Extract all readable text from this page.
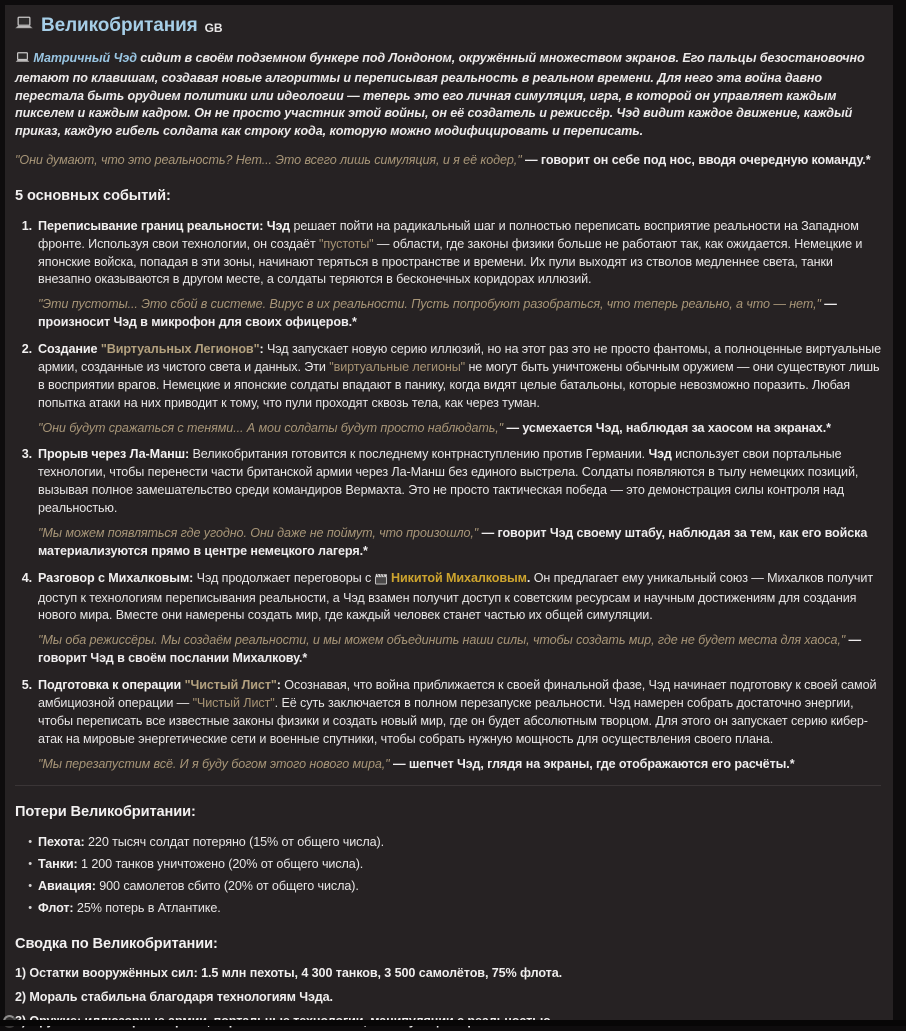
Великобритания GB

Матричный Чэд сидит в своём подземном бункере под Лондоном, окружённый множеством экранов. Его пальцы безостановочно летают по клавишам, создавая новые алгоритмы и переписывая реальность в реальном времени. Для него эта война давно перестала быть орудием политики или идеологии — теперь это его личная симуляция, игра, в которой он управляет каждым пикселем и каждым кадром. Он не просто участник этой войны, он её создатель и режиссёр. Чэд видит каждое движение, каждый приказ, каждую гибель солдата как строку кода, которую можно модифицировать и переписать.

"Они думают, что это реальность? Нет... Это всего лишь симуляция, и я её кодер," — говорит он себе под нос, вводя очередную команду.*

5 основных событий:
1. Переписывание границ реальности: Чэд решает пойти на радикальный шаг и полностью переписать восприятие реальности на Западном фронте. Используя свои технологии, он создаёт "пустоты" — области, где законы физики больше не работают так, как ожидается. Немецкие и японские войска, попадая в эти зоны, начинают теряться в пространстве и времени. Их пули выходят из стволов медленнее света, танки внезапно оказываются в другом месте, а солдаты теряются в бесконечных коридорах иллюзий.

"Эти пустоты... Это сбой в системе. Вирус в их реальности. Пусть попробуют разобраться, что теперь реально, а что — нет," — произносит Чэд в микрофон для своих офицеров.*

2. Создание "Виртуальных Легионов": Чэд запускает новую серию иллюзий, но на этот раз это не просто фантомы, а полноценные виртуальные армии, созданные из чистого света и данных. Эти "виртуальные легионы" не могут быть уничтожены обычным оружием — они существуют лишь в восприятии врагов. Немецкие и японские солдаты впадают в панику, когда видят целые батальоны, которые невозможно поразить. Любая попытка атаки на них приводит к тому, что пули проходят сквозь тела, как через туман.

"Они будут сражаться с тенями... А мои солдаты будут просто наблюдать," — усмехается Чэд, наблюдая за хаосом на экранах.*

3. Прорыв через Ла-Манш: Великобритания готовится к последнему контрнаступлению против Германии. Чэд использует свои портальные технологии, чтобы перенести части британской армии через Ла-Манш без единого выстрела. Солдаты появляются в тылу немецких позиций, вызывая полное замешательство среди командиров Вермахта. Это не просто тактическая победа — это демонстрация силы контроля над реальностью.

"Мы можем появляться где угодно. Они даже не поймут, что произошло," — говорит Чэд своему штабу, наблюдая за тем, как его войска материализуются прямо в центре немецкого лагеря.*

4. Разговор с Михалковым: Чэд продолжает переговоры с  Никитой Михалковым. Он предлагает ему уникальный союз — Михалков получит доступ к технологиям переписывания реальности, а Чэд взамен получит доступ к советским ресурсам и научным достижениям для создания нового мира. Вместе они намерены создать мир, где каждый человек станет частью их общей симуляции.

"Мы оба режиссёры. Мы создаём реальности, и мы можем объединить наши силы, чтобы создать мир, где не будет места для хаоса," — говорит Чэд в своём послании Михалкову.*

5. Подготовка к операции "Чистый Лист": Осознавая, что война приближается к своей финальной фазе, Чэд начинает подготовку к своей самой амбициозной операции — "Чистый Лист". Её суть заключается в полном перезапуске реальности. Чэд намерен собрать достаточно энергии, чтобы переписать все известные законы физики и создать новый мир, где он будет абсолютным творцом. Для этого он запускает серию кибер-атак на мировые энергетические сети и военные спутники, чтобы собрать нужную мощность для осуществления своего плана.

"Мы перезапустим всё. И я буду богом этого нового мира," — шепчет Чэд, глядя на экраны, где отображаются его расчёты.*

Потери Великобритании:
• Пехота: 220 тысяч солдат потеряно (15% от общего числа).
• Танки: 1 200 танков уничтожено (20% от общего числа).
• Авиация: 900 самолетов сбито (20% от общего числа).
• Флот: 25% потерь в Атлантике.
Сводка по Великобритании:

1) Остатки вооружённых сил: 1.5 млн пехоты, 4 300 танков, 3 500 самолётов, 75% флота.

2) Мораль стабильна благодаря технологиям Чэда.
